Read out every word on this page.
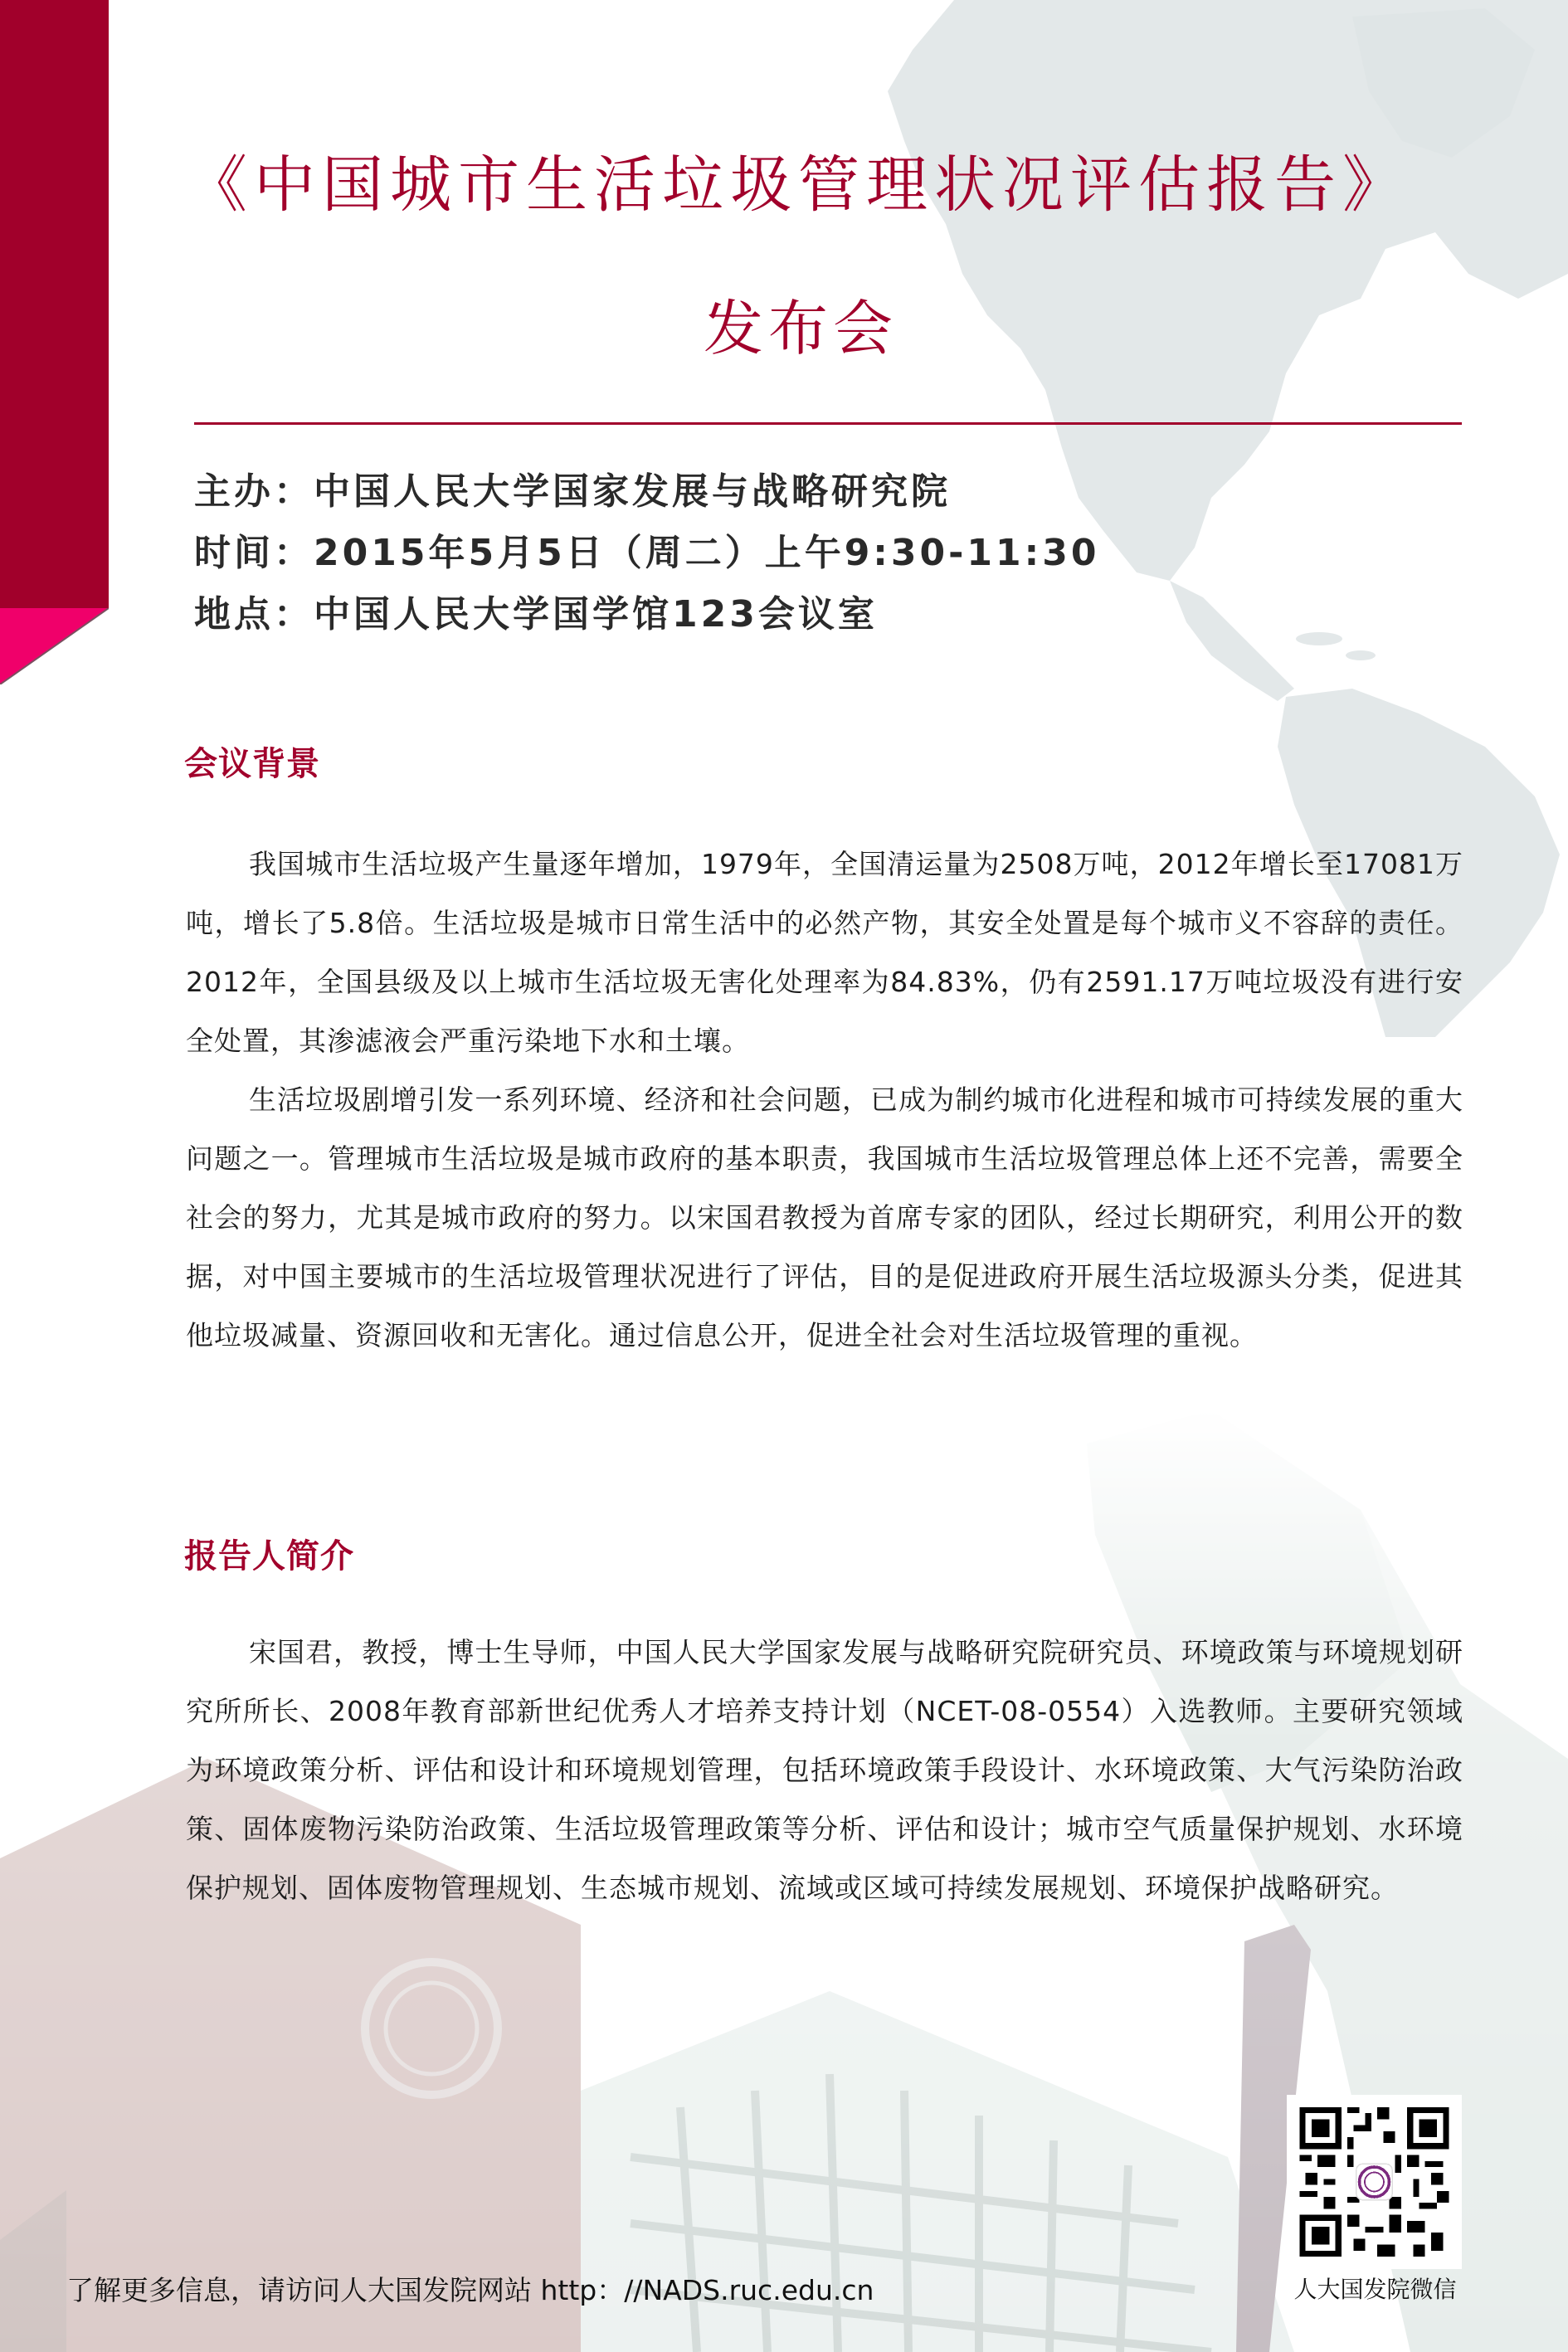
《中国城市生活垃圾管理状况评估报告》
发布会
主办：中国人民大学国家发展与战略研究院
时间：2015年5月5日（周二）上午9:30-11:30
地点：中国人民大学国学馆123会议室
会议背景

我国城市生活垃圾产生量逐年增加，1979年，全国清运量为2508万吨，2012年增长至17081万吨，增长了5.8倍。生活垃圾是城市日常生活中的必然产物，其安全处置是每个城市义不容辞的责任。2012年，全国县级及以上城市生活垃圾无害化处理率为84.83%，仍有2591.17万吨垃圾没有进行安全处置，其渗滤液会严重污染地下水和土壤。

生活垃圾剧增引发一系列环境、经济和社会问题，已成为制约城市化进程和城市可持续发展的重大问题之一。管理城市生活垃圾是城市政府的基本职责，我国城市生活垃圾管理总体上还不完善，需要全社会的努力，尤其是城市政府的努力。以宋国君教授为首席专家的团队，经过长期研究，利用公开的数据，对中国主要城市的生活垃圾管理状况进行了评估，目的是促进政府开展生活垃圾源头分类，促进其他垃圾减量、资源回收和无害化。通过信息公开，促进全社会对生活垃圾管理的重视。

报告人简介

宋国君，教授，博士生导师，中国人民大学国家发展与战略研究院研究员、环境政策与环境规划研究所所长、2008年教育部新世纪优秀人才培养支持计划（NCET-08-0554）入选教师。主要研究领域为环境政策分析、评估和设计和环境规划管理，包括环境政策手段设计、水环境政策、大气污染防治政策、固体废物污染防治政策、生活垃圾管理政策等分析、评估和设计；城市空气质量保护规划、水环境保护规划、固体废物管理规划、生态城市规划、流域或区域可持续发展规划、环境保护战略研究。

了解更多信息，请访问人大国发院网站 http：//NADS.ruc.edu.cn	人大国发院微信
